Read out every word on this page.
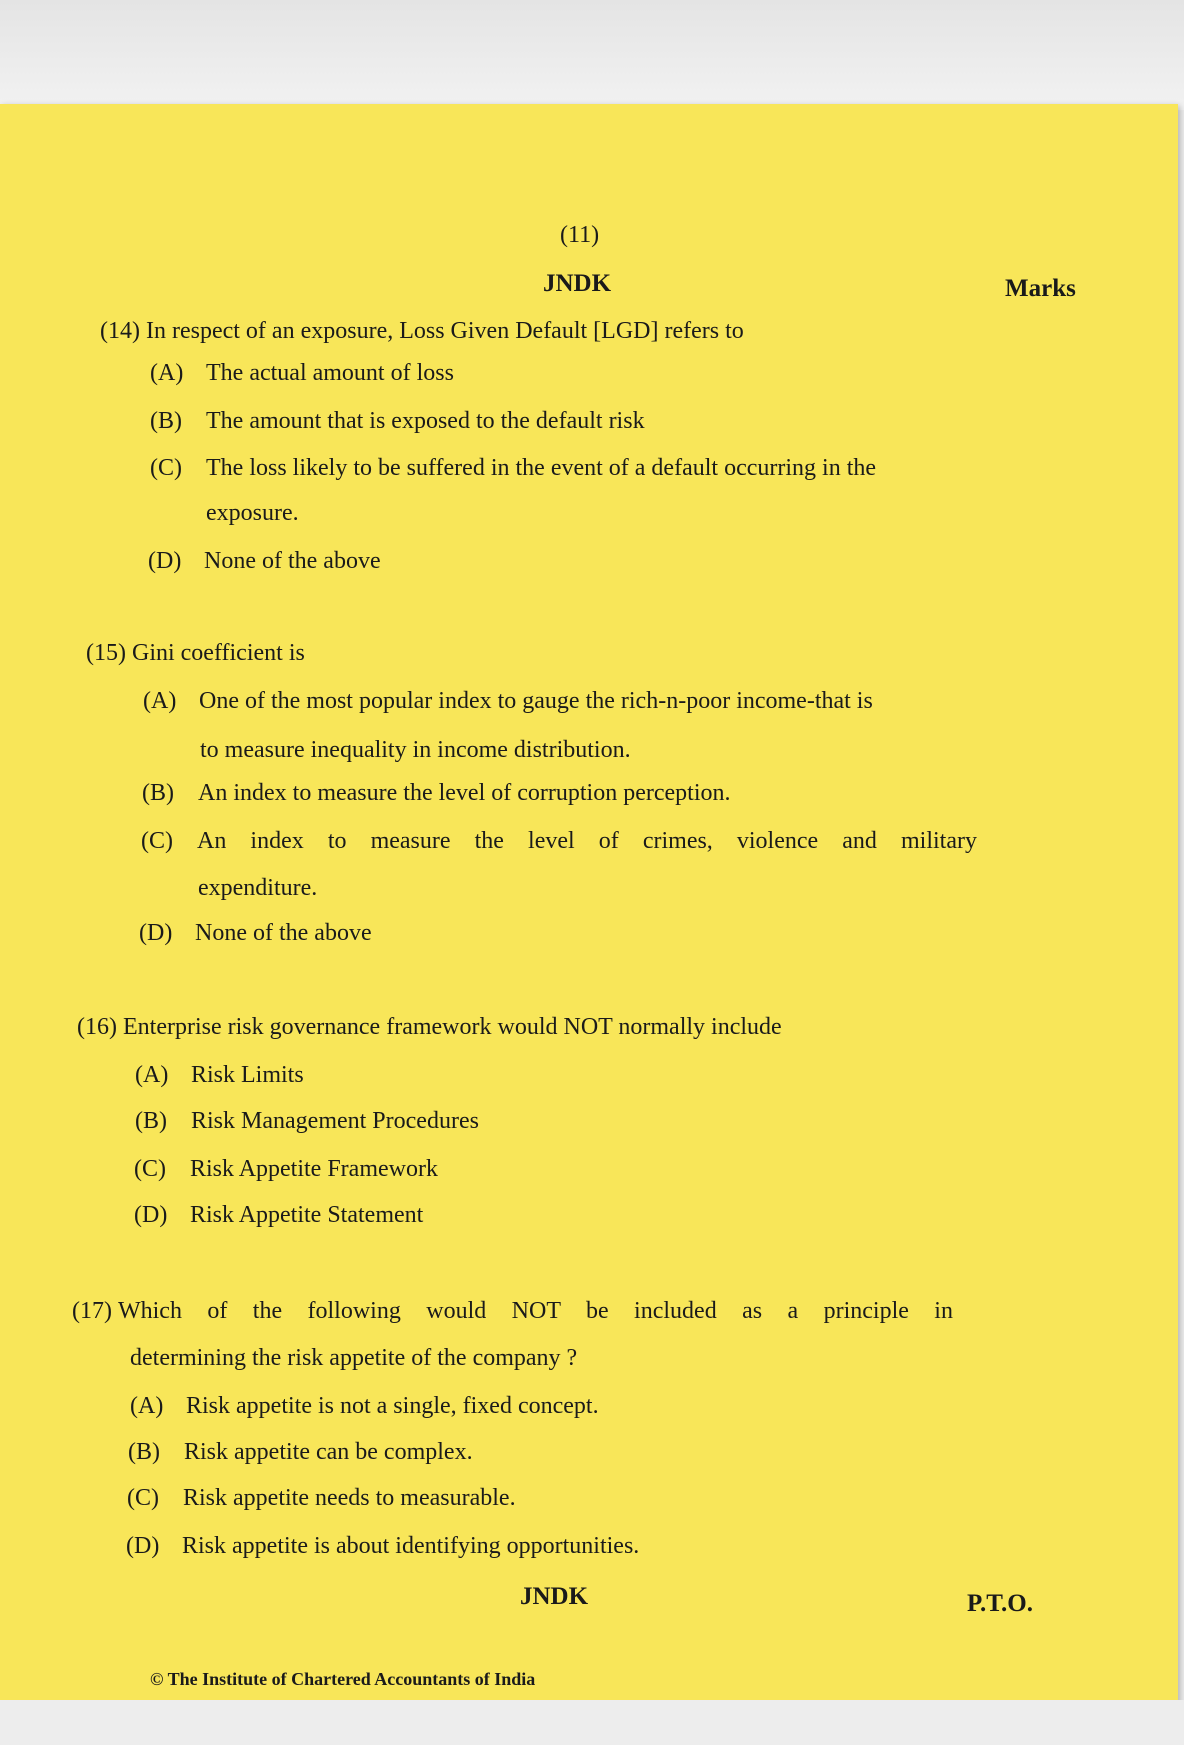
(11)
JNDK	Marks
(14) In respect of an exposure, Loss Given Default [LGD] refers to
(A) The actual amount of loss
(B) The amount that is exposed to the default risk
(C) The loss likely to be suffered in the event of a default occurring in the
exposure.
(D) None of the above
(15) Gini coefficient is
(A) One of the most popular index to gauge the rich-n-poor income-that is
to measure inequality in income distribution.
(B) An index to measure the level of corruption perception.
(C) An index to measure the level of crimes, violence and military
expenditure.
(D) None of the above
(16) Enterprise risk governance framework would NOT normally include
(A) Risk Limits
(B) Risk Management Procedures
(C) Risk Appetite Framework
(D) Risk Appetite Statement
(17) Which of the following would NOT be included as a principle in
determining the risk appetite of the company ?
(A) Risk appetite is not a single, fixed concept.
(B) Risk appetite can be complex.
(C) Risk appetite needs to measurable.
(D) Risk appetite is about identifying opportunities.
JNDK	P.T.O.
© The Institute of Chartered Accountants of India
